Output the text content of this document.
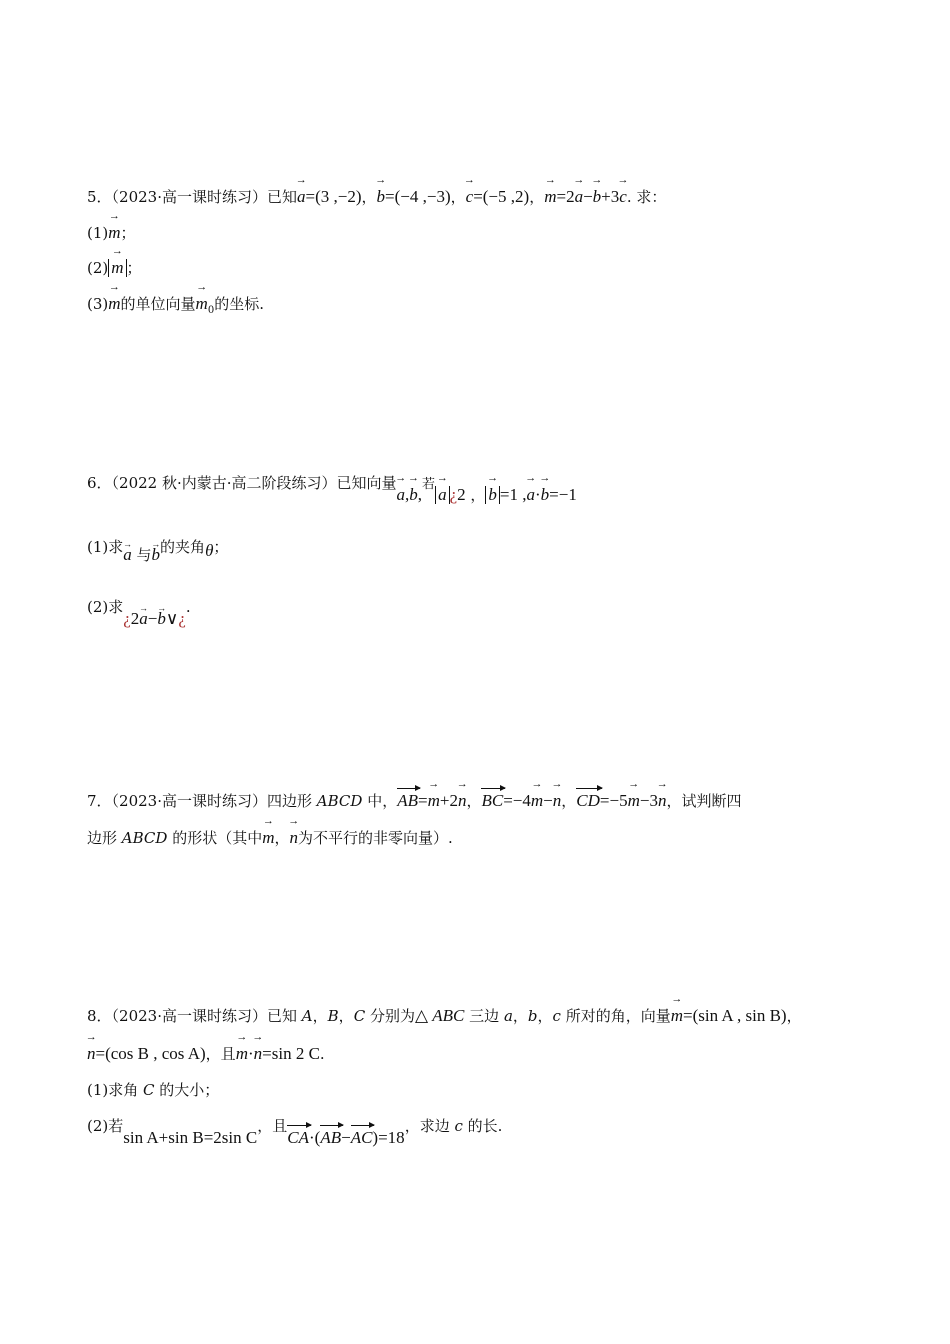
5．（2023·高一课时练习）已知→ a=(3 ,−2)，→ b=(−4 ,−3)，→ c=(−5 ,2)，→ m=2→ a−→ b+3→ c. 求：
(1)→ m；
(2) → m ；
(3)→ m的单位向量→ $m_0$的坐标.
6．（2022 秋·内蒙古·高二阶段练习）已知向量→ a,→ b,若→ a ¿2 ， → b =1 ,→ a·→ b=−1
(1)求→ a 与→ b的夹角θ；
(2)求¿2→ a−→ b∨¿.
7．（2023·高一课时练习）四边形 ABCD 中，AB=→ m+2→ n，BC=−4→ m−→ n，CD=−5→ m−3→ n，试判断四
边形 ABCD 的形状（其中→ m，→ n为不平行的非零向量）.
8．（2023·高一课时练习）已知 A，B，C 分别为△ ABC 三边 a，b，c 所对的角，向量→ m=(sin A , sin B)，
→ n=(cos B , cos A)，且→ m·→ n=sin 2 C.
(1)求角 C 的大小；
(2)若sin A+sin B=2sin C，且CA·(AB−AC)=18，求边 c 的长.
